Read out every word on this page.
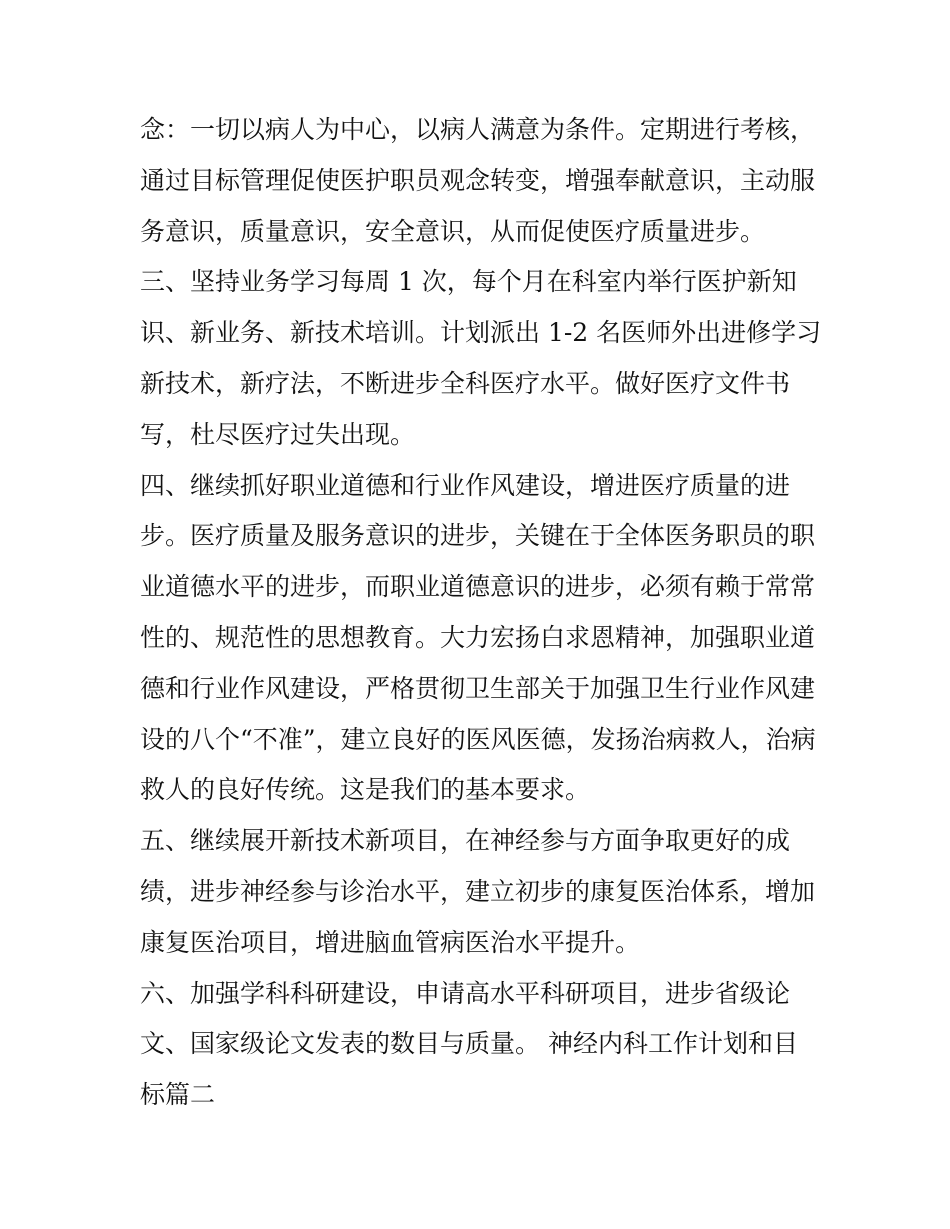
念：一切以病人为中心，以病人满意为条件。定期进行考核，
通过目标管理促使医护职员观念转变，增强奉献意识，主动服
务意识，质量意识，安全意识，从而促使医疗质量进步。
三、坚持业务学习每周 1 次，每个月在科室内举行医护新知
识、新业务、新技术培训。计划派出 1-2 名医师外出进修学习
新技术，新疗法，不断进步全科医疗水平。做好医疗文件书
写，杜尽医疗过失出现。
四、继续抓好职业道德和行业作风建设，增进医疗质量的进
步。医疗质量及服务意识的进步，关键在于全体医务职员的职
业道德水平的进步，而职业道德意识的进步，必须有赖于常常
性的、规范性的思想教育。大力宏扬白求恩精神，加强职业道
德和行业作风建设，严格贯彻卫生部关于加强卫生行业作风建
设的八个“不准”，建立良好的医风医德，发扬治病救人，治病
救人的良好传统。这是我们的基本要求。
五、继续展开新技术新项目，在神经参与方面争取更好的成
绩，进步神经参与诊治水平，建立初步的康复医治体系，增加
康复医治项目，增进脑血管病医治水平提升。
六、加强学科科研建设，申请高水平科研项目，进步省级论
文、国家级论文发表的数目与质量。 神经内科工作计划和目
标篇二
